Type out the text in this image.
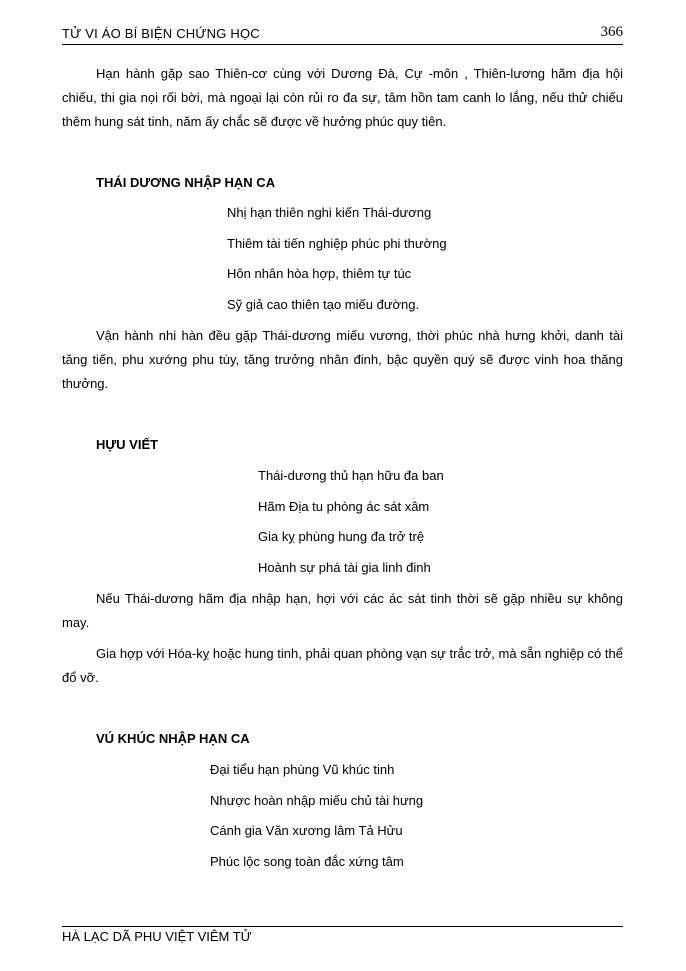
TỬ VI ÁO BÍ BIỆN CHỨNG HỌC	366

Hạn hành gặp sao Thiên-cơ cùng với Dương Đà, Cự -môn , Thiên-lương hãm địa hội chiếu, thi gia nọi rối bời, mà ngoại lại còn rủi ro đa sự, tâm hồn tam canh lo lắng, nếu thử chiếu thêm hung sát tinh, năm ấy chắc sẽ được về hưởng phúc quy tiên.

THÁI DƯƠNG NHẬP HẠN CA

Nhị hạn thiên nghi kiến Thái-dương

Thiêm tài tiến nghiệp phúc phi thường

Hôn nhân hòa hợp, thiêm tự túc

Sỹ giả cao thiên tạo miếu đường.

Vận hành nhi hàn đều gặp Thái-dương miếu vương, thời phúc nhà hưng khởi, danh tài tăng tiến, phu xướng phu tùy, tăng trưởng nhân đinh, bậc quyền quý sẽ được vinh hoa thăng thưởng.

HỰU VIẾT

Thái-dương thủ hạn hữu đa ban

Hãm Địa tu phòng ác sát xâm

Gia kỵ phùng hung đa trở trệ

Hoành sự phá tài gia linh đinh

Nếu Thái-dương hãm địa nhập hạn, hợi với các ác sát tinh thời sẽ gặp nhiều sự không may.

Gia hợp với Hóa-kỵ hoặc hung tinh, phải quan phòng vạn sự trắc trở, mà sẵn nghiệp có thể đổ vỡ.

VÚ KHÚC NHẬP HẠN CA

Đại tiểu hạn phùng Vũ khúc tinh

Nhược hoàn nhập miếu chủ tài hưng

Cánh gia Văn xương lâm Tả Hửu

Phúc lộc song toàn đắc xứng tâm

HÀ LẠC DÃ PHU VIỆT VIÊM TỬ
